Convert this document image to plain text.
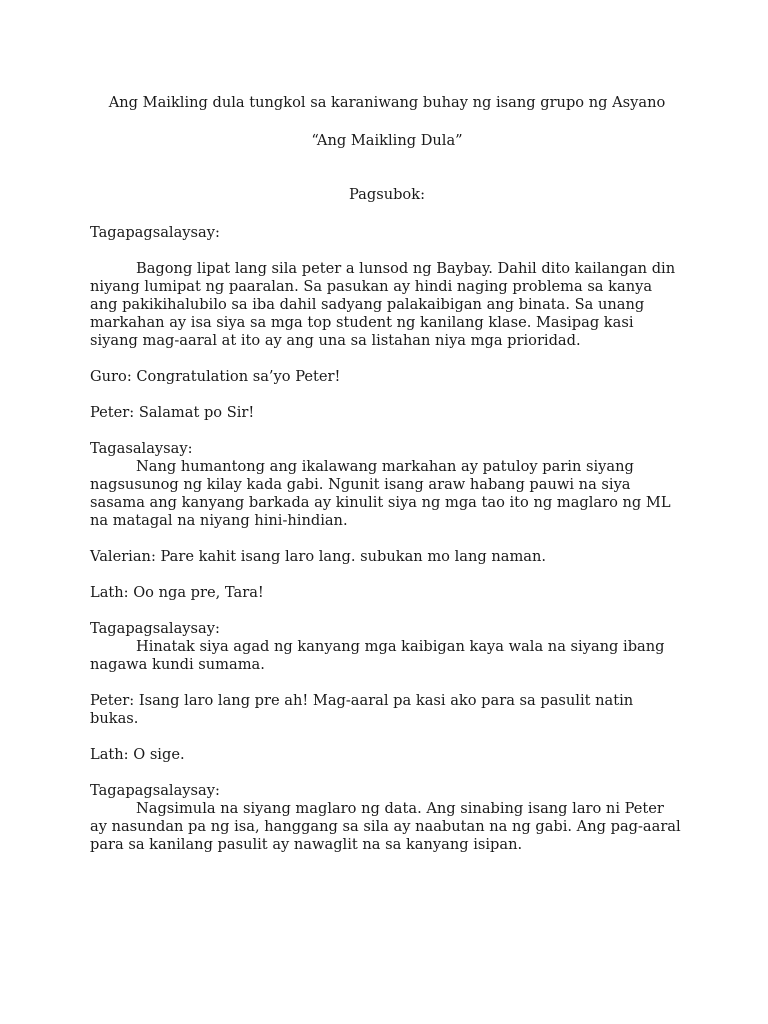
Ang Maikling dula tungkol sa karaniwang buhay ng isang grupo ng Asyano

“Ang Maikling Dula”

Pagsubok:

Tagapagsalaysay:

Bagong lipat lang sila peter a lunsod ng Baybay. Dahil dito kailangan din niyang lumipat ng paaralan. Sa pasukan ay hindi naging problema sa kanya ang pakikihalubilo sa iba dahil sadyang palakaibigan ang binata. Sa unang markahan ay isa siya sa mga top student ng kanilang klase. Masipag kasi siyang mag-aaral at ito ay ang una sa listahan niya mga prioridad.

Guro: Congratulation sa’yo Peter!

Peter: Salamat po Sir!

Tagasalaysay:

Nang humantong ang ikalawang markahan ay patuloy parin siyang nagsusunog ng kilay kada gabi. Ngunit isang araw habang pauwi na siya sasama ang kanyang barkada ay kinulit siya ng mga tao ito ng maglaro ng ML na matagal na niyang hini-hindian.

Valerian: Pare kahit isang laro lang. subukan mo lang naman.

Lath: Oo nga pre, Tara!

Tagapagsalaysay:

Hinatak siya agad ng kanyang mga kaibigan kaya wala na siyang ibang nagawa kundi sumama.

Peter: Isang laro lang pre ah! Mag-aaral pa kasi ako para sa pasulit natin bukas.

Lath: O sige.

Tagapagsalaysay:

Nagsimula na siyang maglaro ng data. Ang sinabing isang laro ni Peter ay nasundan pa ng isa, hanggang sa sila ay naabutan na ng gabi. Ang pag-aaral para sa kanilang pasulit ay nawaglit na sa kanyang isipan.
